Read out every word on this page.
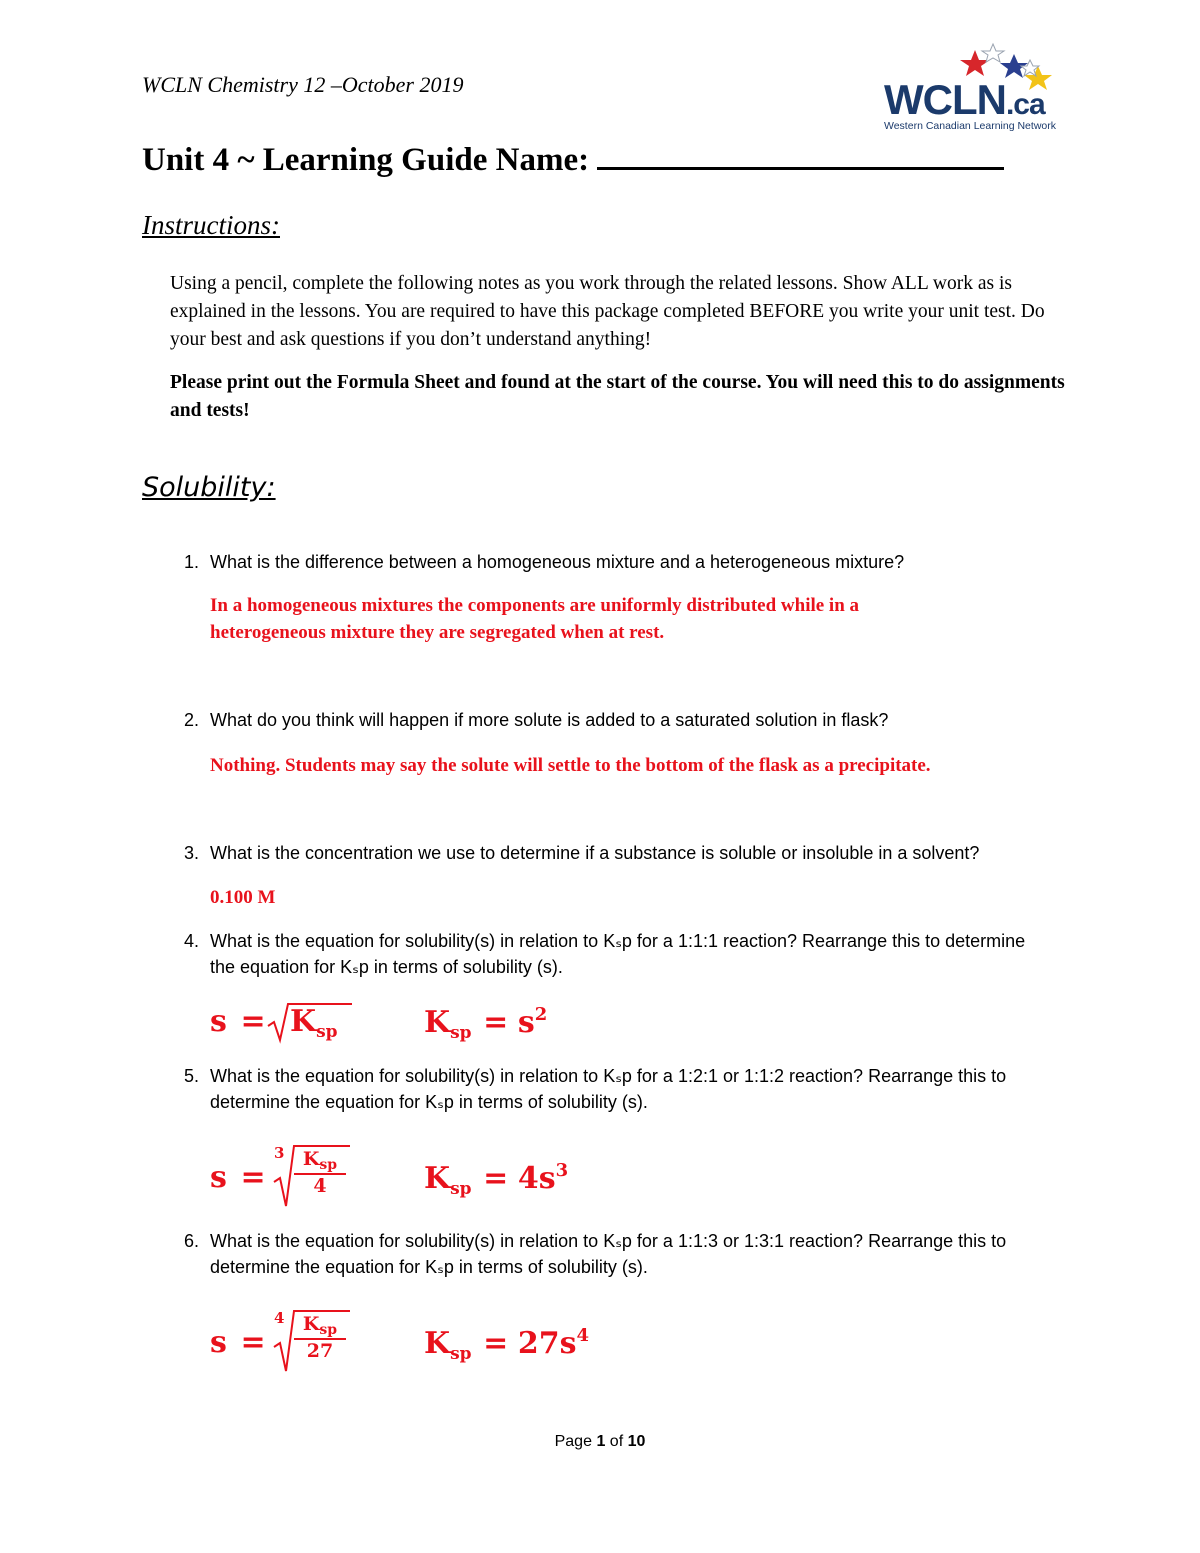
WCLN Chemistry 12 –October 2019	WCLN.ca
Western Canadian Learning Network
Unit 4 ~ Learning Guide Name:
Instructions:
Using a pencil, complete the following notes as you work through the related lessons. Show ALL work as is explained in the lessons. You are required to have this package completed BEFORE you write your unit test. Do your best and ask questions if you don’t understand anything!
Please print out the Formula Sheet and found at the start of the course. You will need this to do assignments and tests!
Solubility:
1. What is the difference between a homogeneous mixture and a heterogeneous mixture?
In a homogeneous mixtures the components are uniformly distributed while in a heterogeneous mixture they are segregated when at rest.
2. What do you think will happen if more solute is added to a saturated solution in flask?
Nothing. Students may say the solute will settle to the bottom of the flask as a precipitate.
3. What is the concentration we use to determine if a substance is soluble or insoluble in a solvent?
0.100 M
4. What is the equation for solubility(s) in relation to Kₛp for a 1:1:1 reaction? Rearrange this to determine the equation for Kₛp in terms of solubility (s).
s = Ksp	Ksp = s2
5. What is the equation for solubility(s) in relation to Kₛp for a 1:2:1 or 1:1:2 reaction? Rearrange this to determine the equation for Kₛp in terms of solubility (s).
s =
3 $K_{sp}$
4	Ksp = 4s3
6. What is the equation for solubility(s) in relation to Kₛp for a 1:1:3 or 1:3:1 reaction? Rearrange this to determine the equation for Kₛp in terms of solubility (s).
s =
4 $K_{sp}$
27	Ksp = 27s4
Page 1 of 10
